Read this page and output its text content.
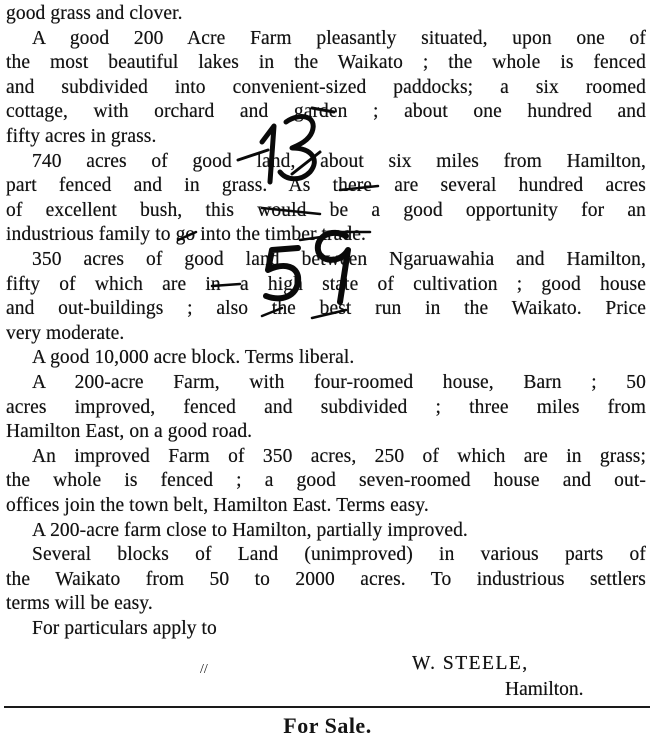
good grass and clover.
A good 200 Acre Farm pleasantly situated, upon one of
the most beautiful lakes in the Waikato ; the whole is fenced
and subdivided into convenient-sized paddocks; a six roomed
cottage, with orchard and garden ; about one hundred and
fifty acres in grass.
740 acres of good land, about six miles from Hamilton,
part fenced and in grass. As there are several hundred acres
of excellent bush, this would be a good opportunity for an
industrious family to go into the timber trade.
350 acres of good land between Ngaruawahia and Hamilton,
fifty of which are in a high state of cultivation ; good house
and out-buildings ; also the best run in the Waikato. Price
very moderate.
A good 10,000 acre block. Terms liberal.
A 200-acre Farm, with four-roomed house, Barn ; 50
acres improved, fenced and subdivided ; three miles from
Hamilton East, on a good road.
An improved Farm of 350 acres, 250 of which are in grass;
the whole is fenced ; a good seven-roomed house and out-
offices join the town belt, Hamilton East. Terms easy.
A 200-acre farm close to Hamilton, partially improved.
Several blocks of Land (unimproved) in various parts of
the Waikato from 50 to 2000 acres. To industrious settlers
terms will be easy.
For particulars apply to
//	W. STEELE,
Hamilton.
For Sale.
